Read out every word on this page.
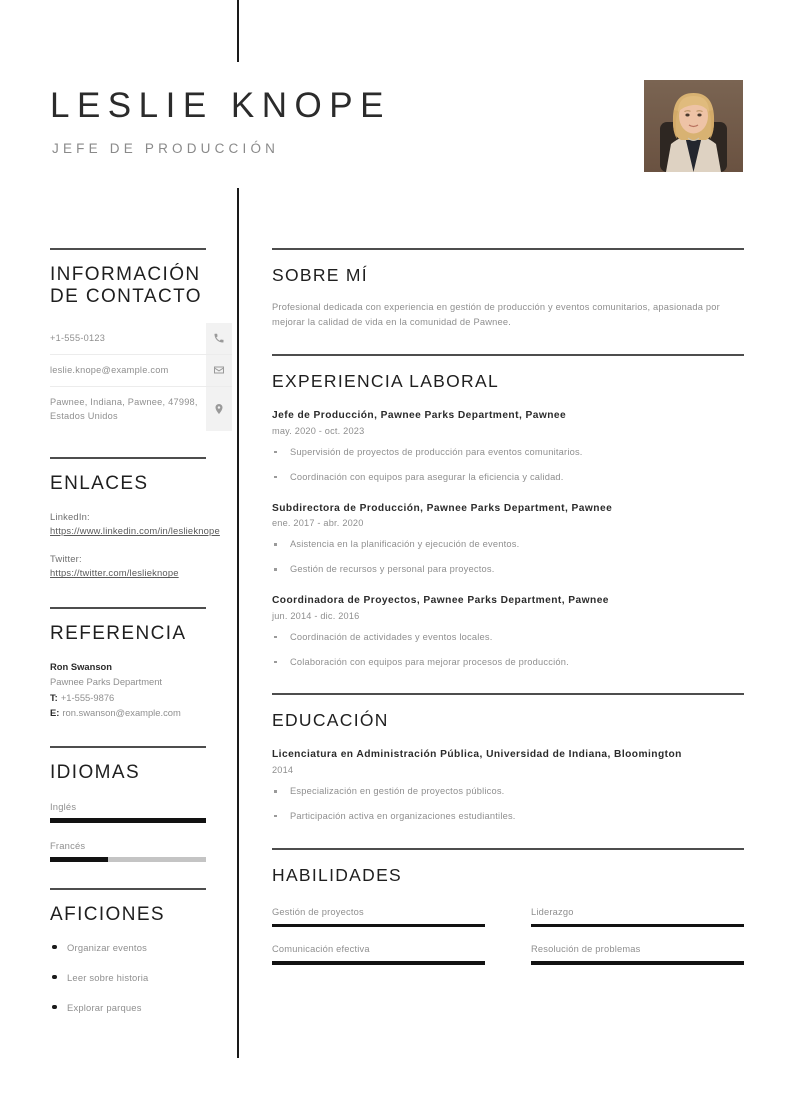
LESLIE KNOPE
JEFE DE PRODUCCIÓN
INFORMACIÓN
DE CONTACTO
+1-555-0123
leslie.knope@example.com
Pawnee, Indiana, Pawnee, 47998, Estados Unidos
ENLACES
LinkedIn:
https://www.linkedin.com/in/leslieknope
Twitter:
https://twitter.com/leslieknope
REFERENCIA
Ron Swanson
Pawnee Parks Department
T: +1-555-9876
E: ron.swanson@example.com
IDIOMAS
Inglés
Francés
AFICIONES
Organizar eventos
Leer sobre historia
Explorar parques
SOBRE MÍ
Profesional dedicada con experiencia en gestión de producción y eventos comunitarios, apasionada por mejorar la calidad de vida en la comunidad de Pawnee.
EXPERIENCIA LABORAL
Jefe de Producción, Pawnee Parks Department, Pawnee
may. 2020 - oct. 2023
Supervisión de proyectos de producción para eventos comunitarios.
Coordinación con equipos para asegurar la eficiencia y calidad.
Subdirectora de Producción, Pawnee Parks Department, Pawnee
ene. 2017 - abr. 2020
Asistencia en la planificación y ejecución de eventos.
Gestión de recursos y personal para proyectos.
Coordinadora de Proyectos, Pawnee Parks Department, Pawnee
jun. 2014 - dic. 2016
Coordinación de actividades y eventos locales.
Colaboración con equipos para mejorar procesos de producción.
EDUCACIÓN
Licenciatura en Administración Pública, Universidad de Indiana, Bloomington
2014
Especialización en gestión de proyectos públicos.
Participación activa en organizaciones estudiantiles.
HABILIDADES
Gestión de proyectos	Liderazgo
Comunicación efectiva	Resolución de problemas
